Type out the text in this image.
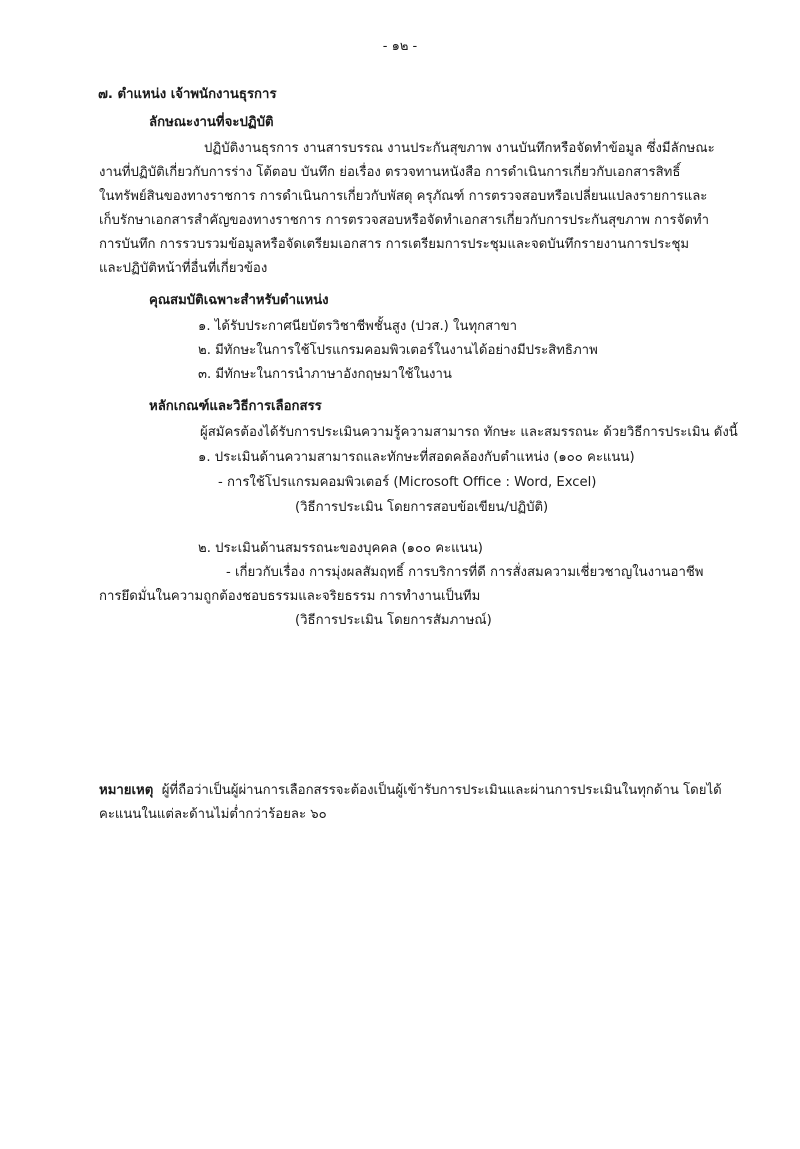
- ๑๒ -
๗. ตำแหน่ง เจ้าพนักงานธุรการ
ลักษณะงานที่จะปฏิบัติ
ปฏิบัติงานธุรการ งานสารบรรณ งานประกันสุขภาพ งานบันทึกหรือจัดทำข้อมูล ซึ่งมีลักษณะ
งานที่ปฏิบัติเกี่ยวกับการร่าง โต้ตอบ บันทึก ย่อเรื่อง ตรวจทานหนังสือ การดำเนินการเกี่ยวกับเอกสารสิทธิ์
ในทรัพย์สินของทางราชการ การดำเนินการเกี่ยวกับพัสดุ ครุภัณฑ์ การตรวจสอบหรือเปลี่ยนแปลงรายการและ
เก็บรักษาเอกสารสำคัญของทางราชการ การตรวจสอบหรือจัดทำเอกสารเกี่ยวกับการประกันสุขภาพ การจัดทำ
การบันทึก การรวบรวมข้อมูลหรือจัดเตรียมเอกสาร การเตรียมการประชุมและจดบันทึกรายงานการประชุม
และปฏิบัติหน้าที่อื่นที่เกี่ยวข้อง
คุณสมบัติเฉพาะสำหรับตำแหน่ง
๑. ได้รับประกาศนียบัตรวิชาชีพชั้นสูง (ปวส.) ในทุกสาขา
๒. มีทักษะในการใช้โปรแกรมคอมพิวเตอร์ในงานได้อย่างมีประสิทธิภาพ
๓. มีทักษะในการนำภาษาอังกฤษมาใช้ในงาน
หลักเกณฑ์และวิธีการเลือกสรร
ผู้สมัครต้องได้รับการประเมินความรู้ความสามารถ ทักษะ และสมรรถนะ ด้วยวิธีการประเมิน ดังนี้
๑. ประเมินด้านความสามารถและทักษะที่สอดคล้องกับตำแหน่ง (๑๐๐ คะแนน)
- การใช้โปรแกรมคอมพิวเตอร์ (Microsoft Office : Word, Excel)
(วิธีการประเมิน โดยการสอบข้อเขียน/ปฏิบัติ)
๒. ประเมินด้านสมรรถนะของบุคคล (๑๐๐ คะแนน)
- เกี่ยวกับเรื่อง การมุ่งผลสัมฤทธิ์ การบริการที่ดี การสั่งสมความเชี่ยวชาญในงานอาชีพ
การยึดมั่นในความถูกต้องชอบธรรมและจริยธรรม การทำงานเป็นทีม
(วิธีการประเมิน โดยการสัมภาษณ์)
หมายเหตุ ผู้ที่ถือว่าเป็นผู้ผ่านการเลือกสรรจะต้องเป็นผู้เข้ารับการประเมินและผ่านการประเมินในทุกด้าน โดยได้
คะแนนในแต่ละด้านไม่ต่ำกว่าร้อยละ ๖๐
